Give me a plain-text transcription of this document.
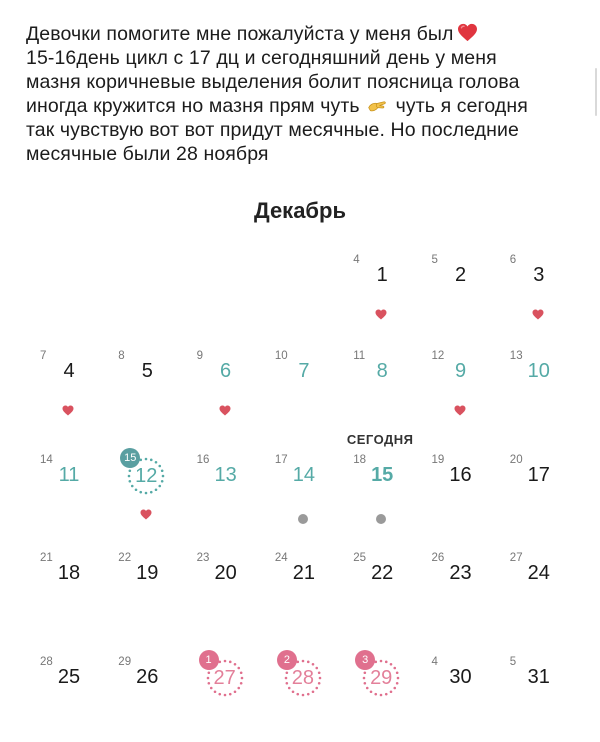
Девочки помогите мне пожалуйста у меня был
15-16день цикл с 17 дц и сегодняшний день у меня
мазня коричневые выделения болит поясница голова
иногда кружится но мазня прям чуть чуть я сегодня
так чувствую вот вот придут месячные. Но последние
месячные были 28 ноября
Декабрь
4
1
5
2
6
3
7
4
8
5
9
6
10
7
11
8
12
9
13
10
14
11
15
12
16
13
17
14
СЕГОДНЯ
18
15
19
16
20
17
21
18
22
19
23
20
24
21
25
22
26
23
27
24
28
25
29
26
1
27
2
28
3
29
4
30
5
31
